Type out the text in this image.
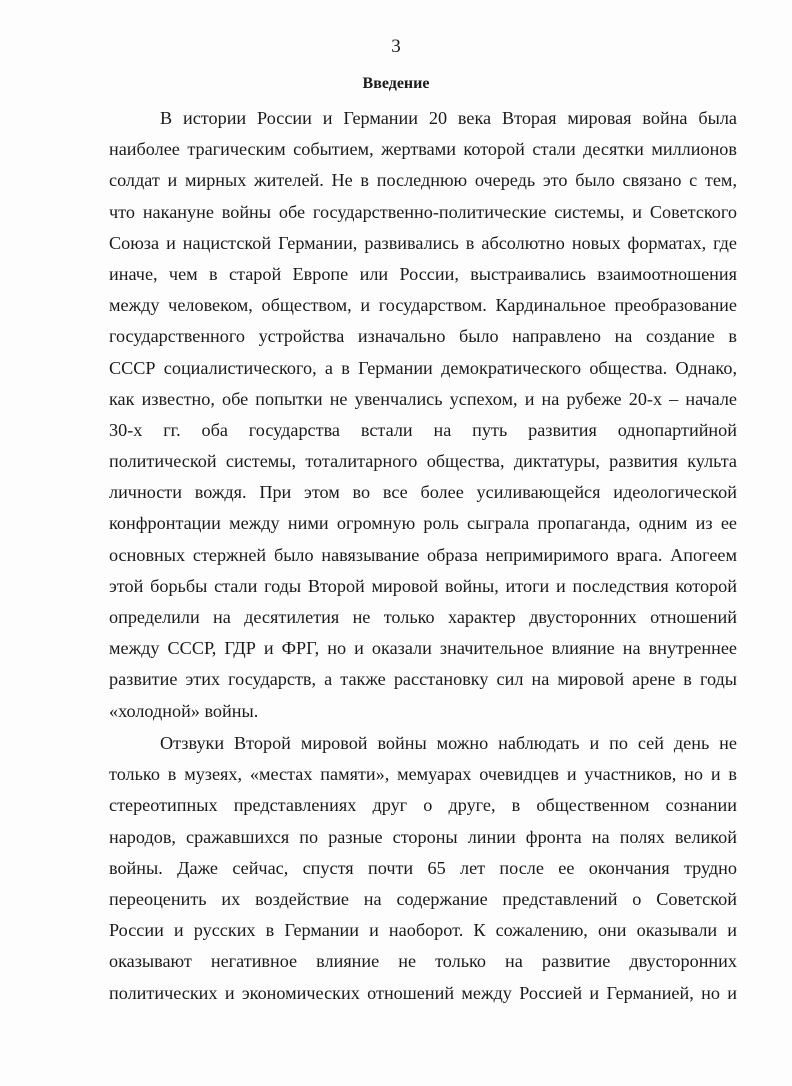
3
Введение
В истории России и Германии 20 века Вторая мировая война была
наиболее трагическим событием, жертвами которой стали десятки миллионов
солдат и мирных жителей. Не в последнюю очередь это было связано с тем,
что накануне войны обе государственно-политические системы, и Советского
Союза и нацистской Германии, развивались в абсолютно новых форматах, где
иначе, чем в старой Европе или России, выстраивались взаимоотношения
между человеком, обществом, и государством. Кардинальное преобразование
государственного устройства изначально было направлено на создание в
СССР социалистического, а в Германии демократического общества. Однако,
как известно, обе попытки не увенчались успехом, и на рубеже 20-х – начале
30-х гг. оба государства встали на путь развития однопартийной
политической системы, тоталитарного общества, диктатуры, развития культа
личности вождя. При этом во все более усиливающейся идеологической
конфронтации между ними огромную роль сыграла пропаганда, одним из ее
основных стержней было навязывание образа непримиримого врага. Апогеем
этой борьбы стали годы Второй мировой войны, итоги и последствия которой
определили на десятилетия не только характер двусторонних отношений
между СССР, ГДР и ФРГ, но и оказали значительное влияние на внутреннее
развитие этих государств, а также расстановку сил на мировой арене в годы
«холодной» войны.
Отзвуки Второй мировой войны можно наблюдать и по сей день не
только в музеях, «местах памяти», мемуарах очевидцев и участников, но и в
стереотипных представлениях друг о друге, в общественном сознании
народов, сражавшихся по разные стороны линии фронта на полях великой
войны. Даже сейчас, спустя почти 65 лет после ее окончания трудно
переоценить их воздействие на содержание представлений о Советской
России и русских в Германии и наоборот. К сожалению, они оказывали и
оказывают негативное влияние не только на развитие двусторонних
политических и экономических отношений между Россией и Германией, но и
